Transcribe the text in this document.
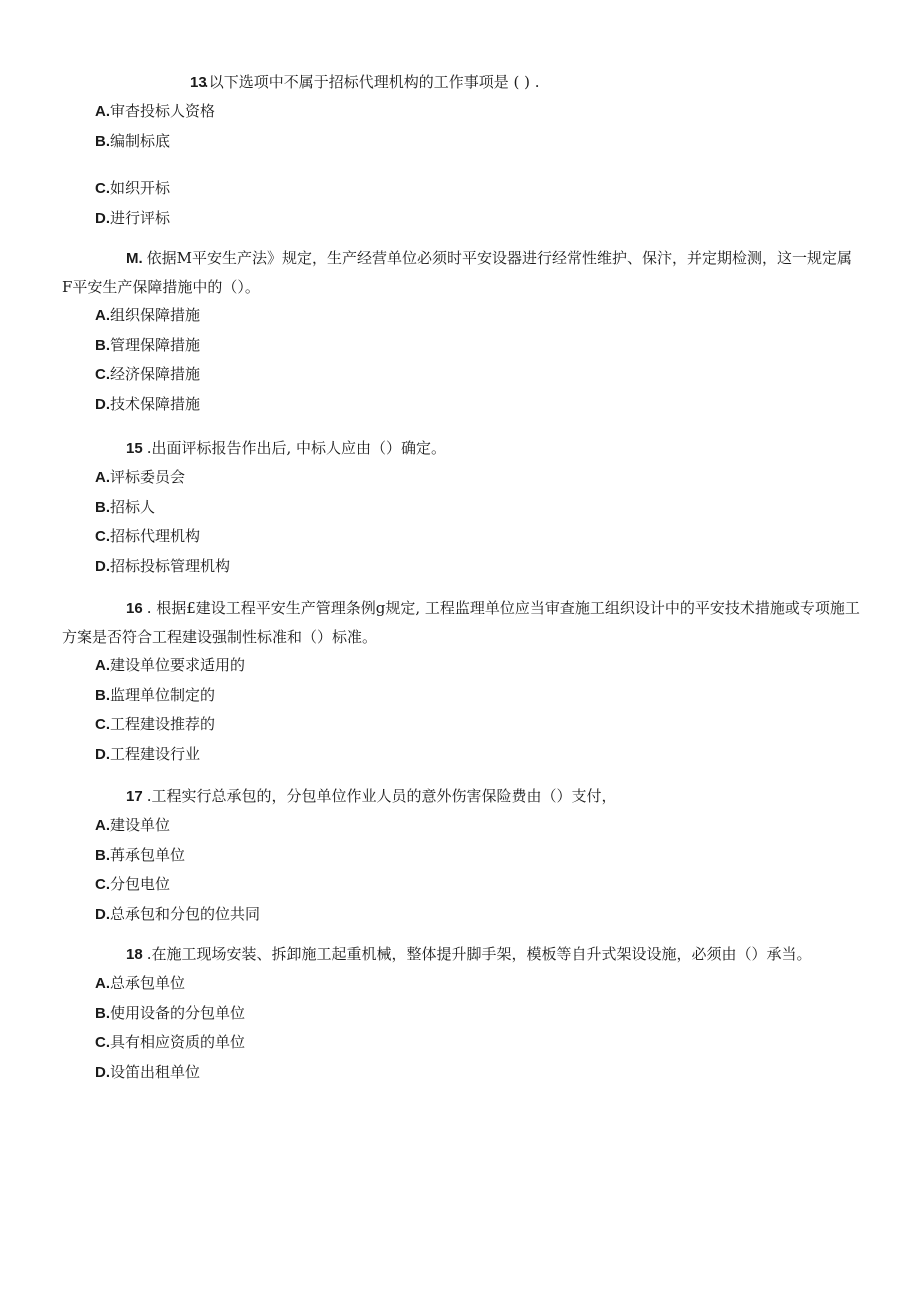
13.以下选项中不属于招标代理机构的工作事项是 ( ) .

A.审杳投标人资格

B.编制标底

C.如织开标

D.进行评标

M. 依据M平安生产法》规定，生产经营单位必须时平安设器进行经常性维护、保汴，并定期检测，这一规定属F平安生产保障措施中的（）。

A.组织保障措施

B.管理保障措施

C.经济保障措施

D.技术保障措施

15 .出面评标报告作出后, 中标人应由（）确定。

A.评标委员会

B.招标人

C.招标代理机构

D.招标投标管理机构

16 . 根据£建设工程平安生产管理条例g规定, 工程监理单位应当审查施工组织设计中的平安技术措施或专项施工方案是否符合工程建设强制性标准和（）标准。

A.建设单位要求适用的

B.监理单位制定的

C.工程建设推荐的

D.工程建设行业

17 .工程实行总承包的，分包单位作业人员的意外伤害保险费由（）支付，

A.建设单位

B.苒承包单位

C.分包电位

D.总承包和分包的位共同

18 .在施工现场安装、拆卸施工起重机械，整体提升脚手架，模板等自升式架设设施，必须由（）承当。

A.总承包单位

B.使用设备的分包单位

C.具有相应资质的单位

D.设笛出租单位
